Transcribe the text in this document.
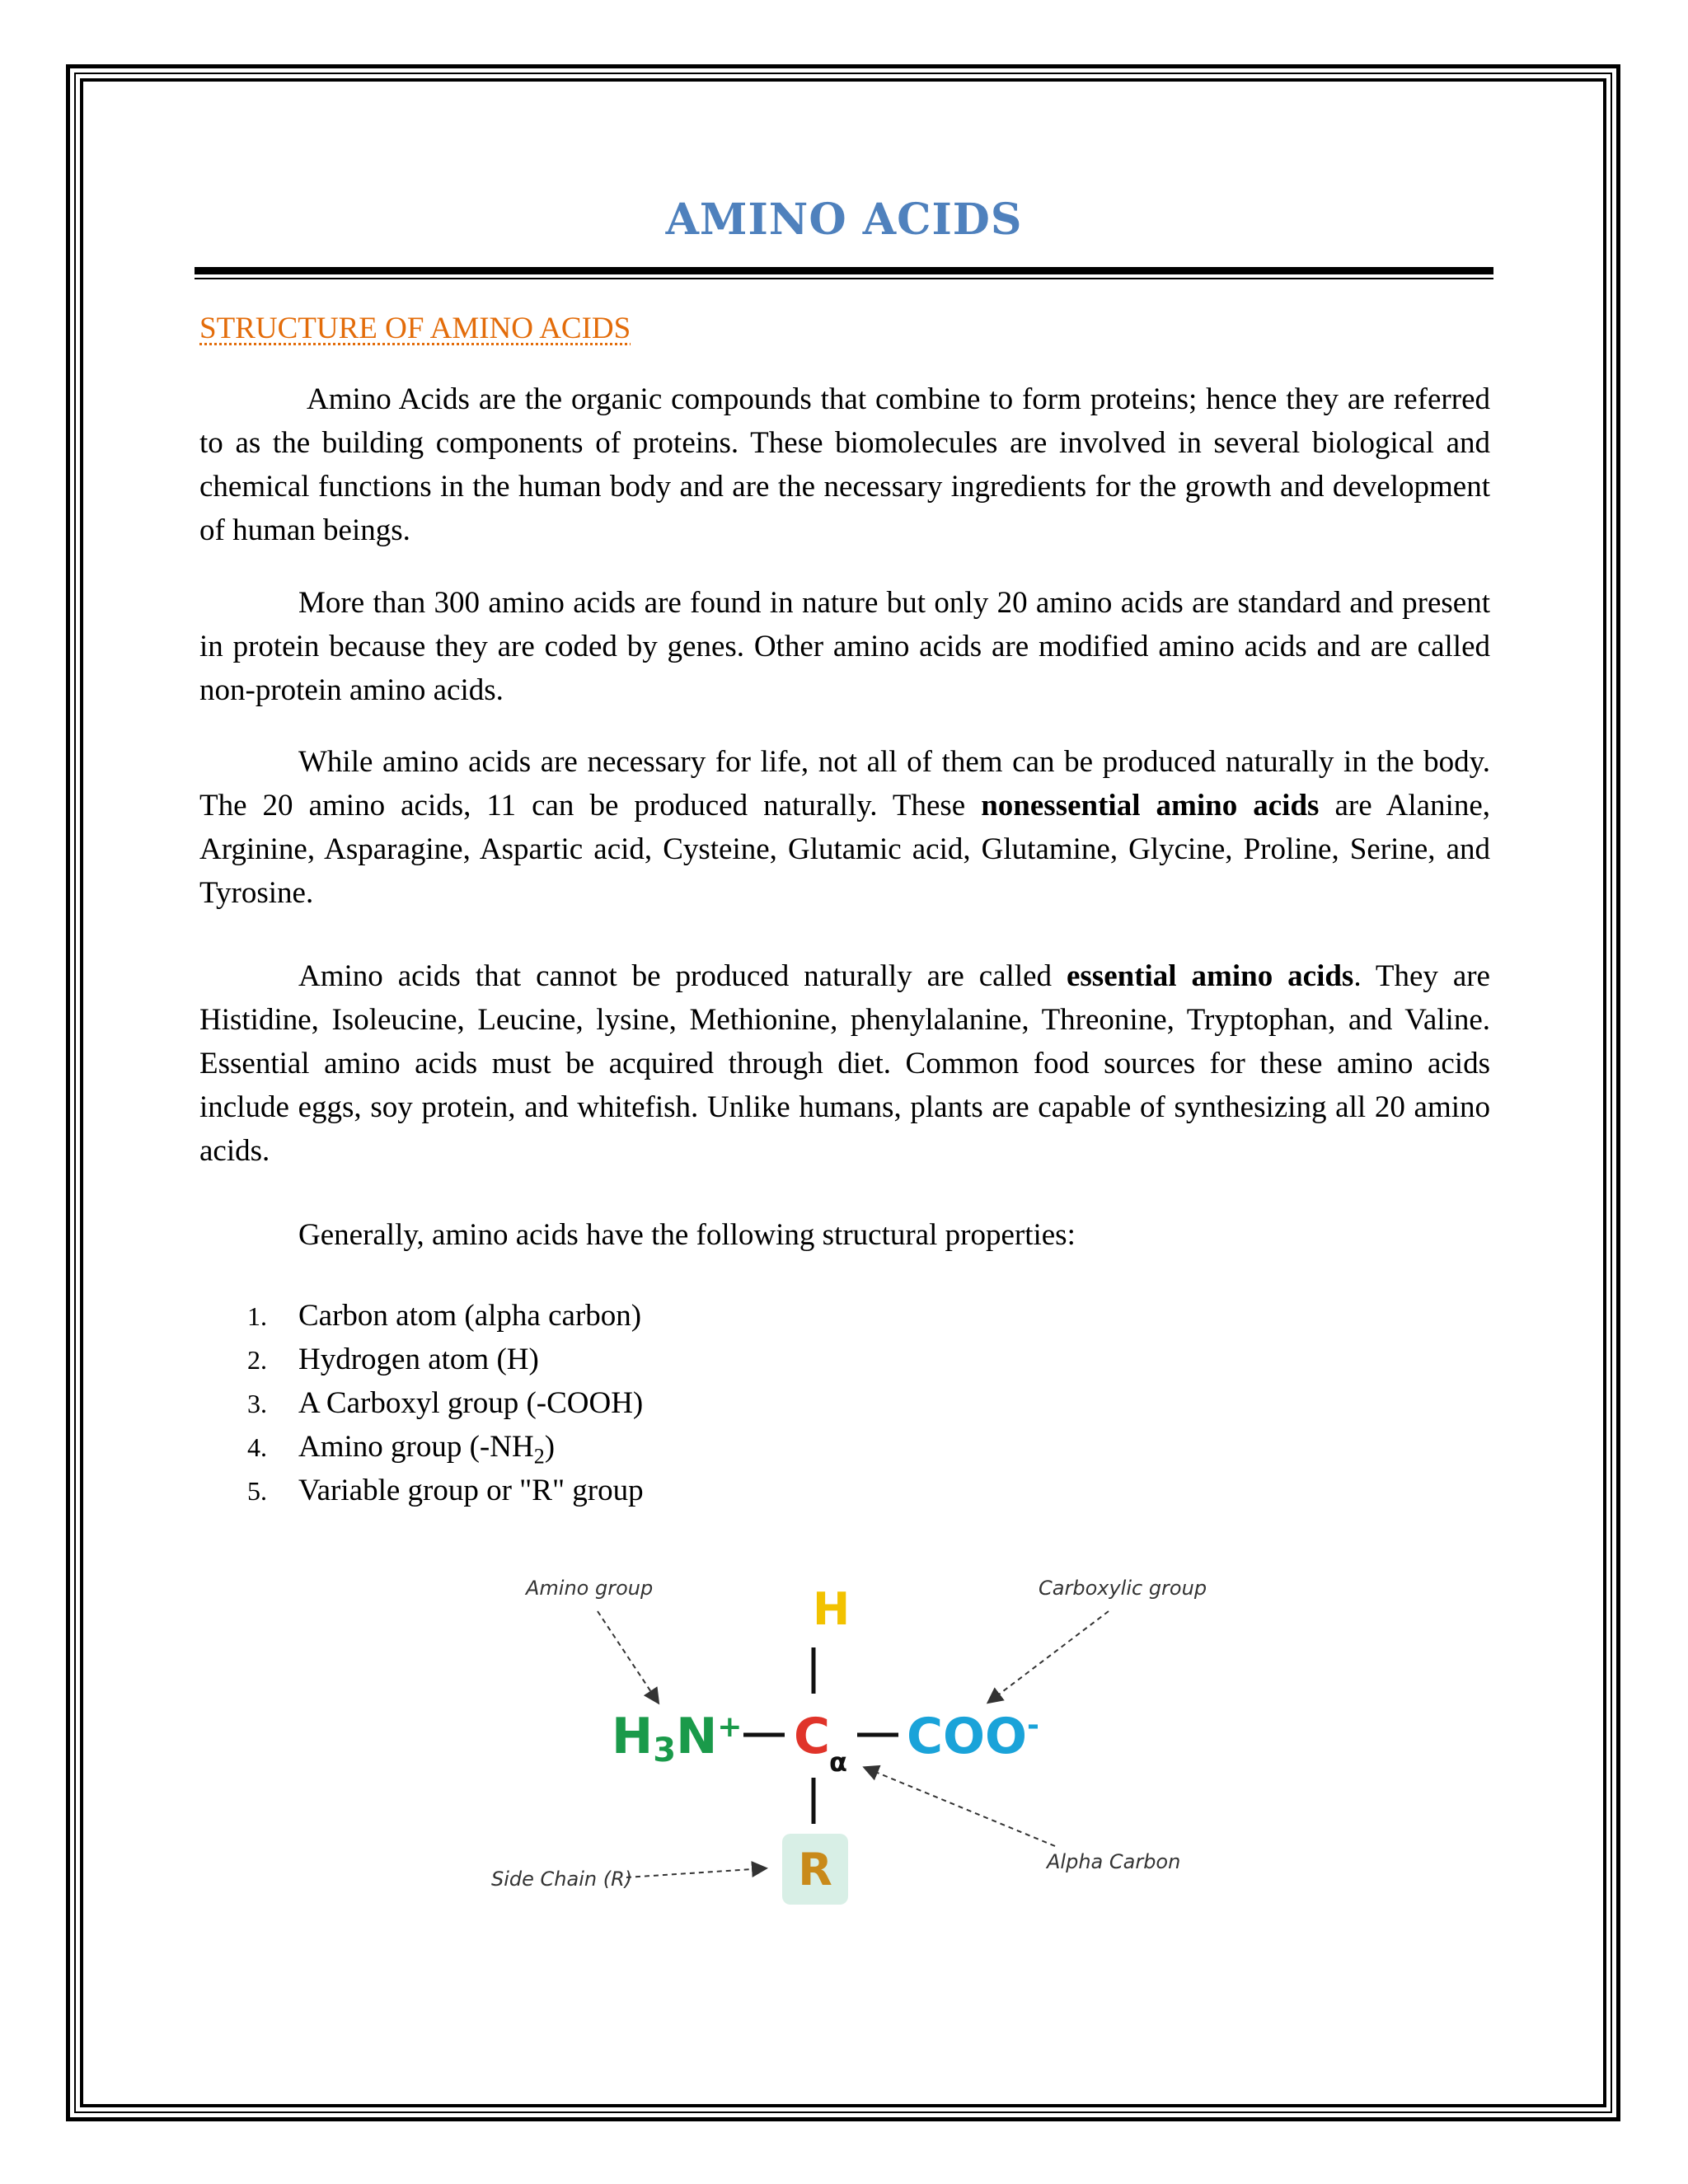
AMINO ACIDS
STRUCTURE OF AMINO ACIDS

Amino Acids are the organic compounds that combine to form proteins; hence they are referred to as the building components of proteins. These biomolecules are involved in several biological and chemical functions in the human body and are the necessary ingredients for the growth and development of human beings.

More than 300 amino acids are found in nature but only 20 amino acids are standard and present in protein because they are coded by genes. Other amino acids are modified amino acids and are called non-protein amino acids.

While amino acids are necessary for life, not all of them can be produced naturally in the body. The 20 amino acids, 11 can be produced naturally. These nonessential amino acids are Alanine, Arginine, Asparagine, Aspartic acid, Cysteine, Glutamic acid, Glutamine, Glycine, Proline, Serine, and Tyrosine.

Amino acids that cannot be produced naturally are called essential amino acids. They are Histidine, Isoleucine, Leucine, lysine, Methionine, phenylalanine, Threonine, Tryptophan, and Valine. Essential amino acids must be acquired through diet. Common food sources for these amino acids include eggs, soy protein, and whitefish. Unlike humans, plants are capable of synthesizing all 20 amino acids.

Generally, amino acids have the following structural properties:

1. Carbon atom (alpha carbon)
2. Hydrogen atom (H)
3. A Carboxyl group (-COOH)
4. Amino group $(-NH_2)$
5. Variable group or "R" group
Amino group	Carboxylic group
Alpha Carbon
Side Chain (R)
H
H3N+ C
α COO-
R
